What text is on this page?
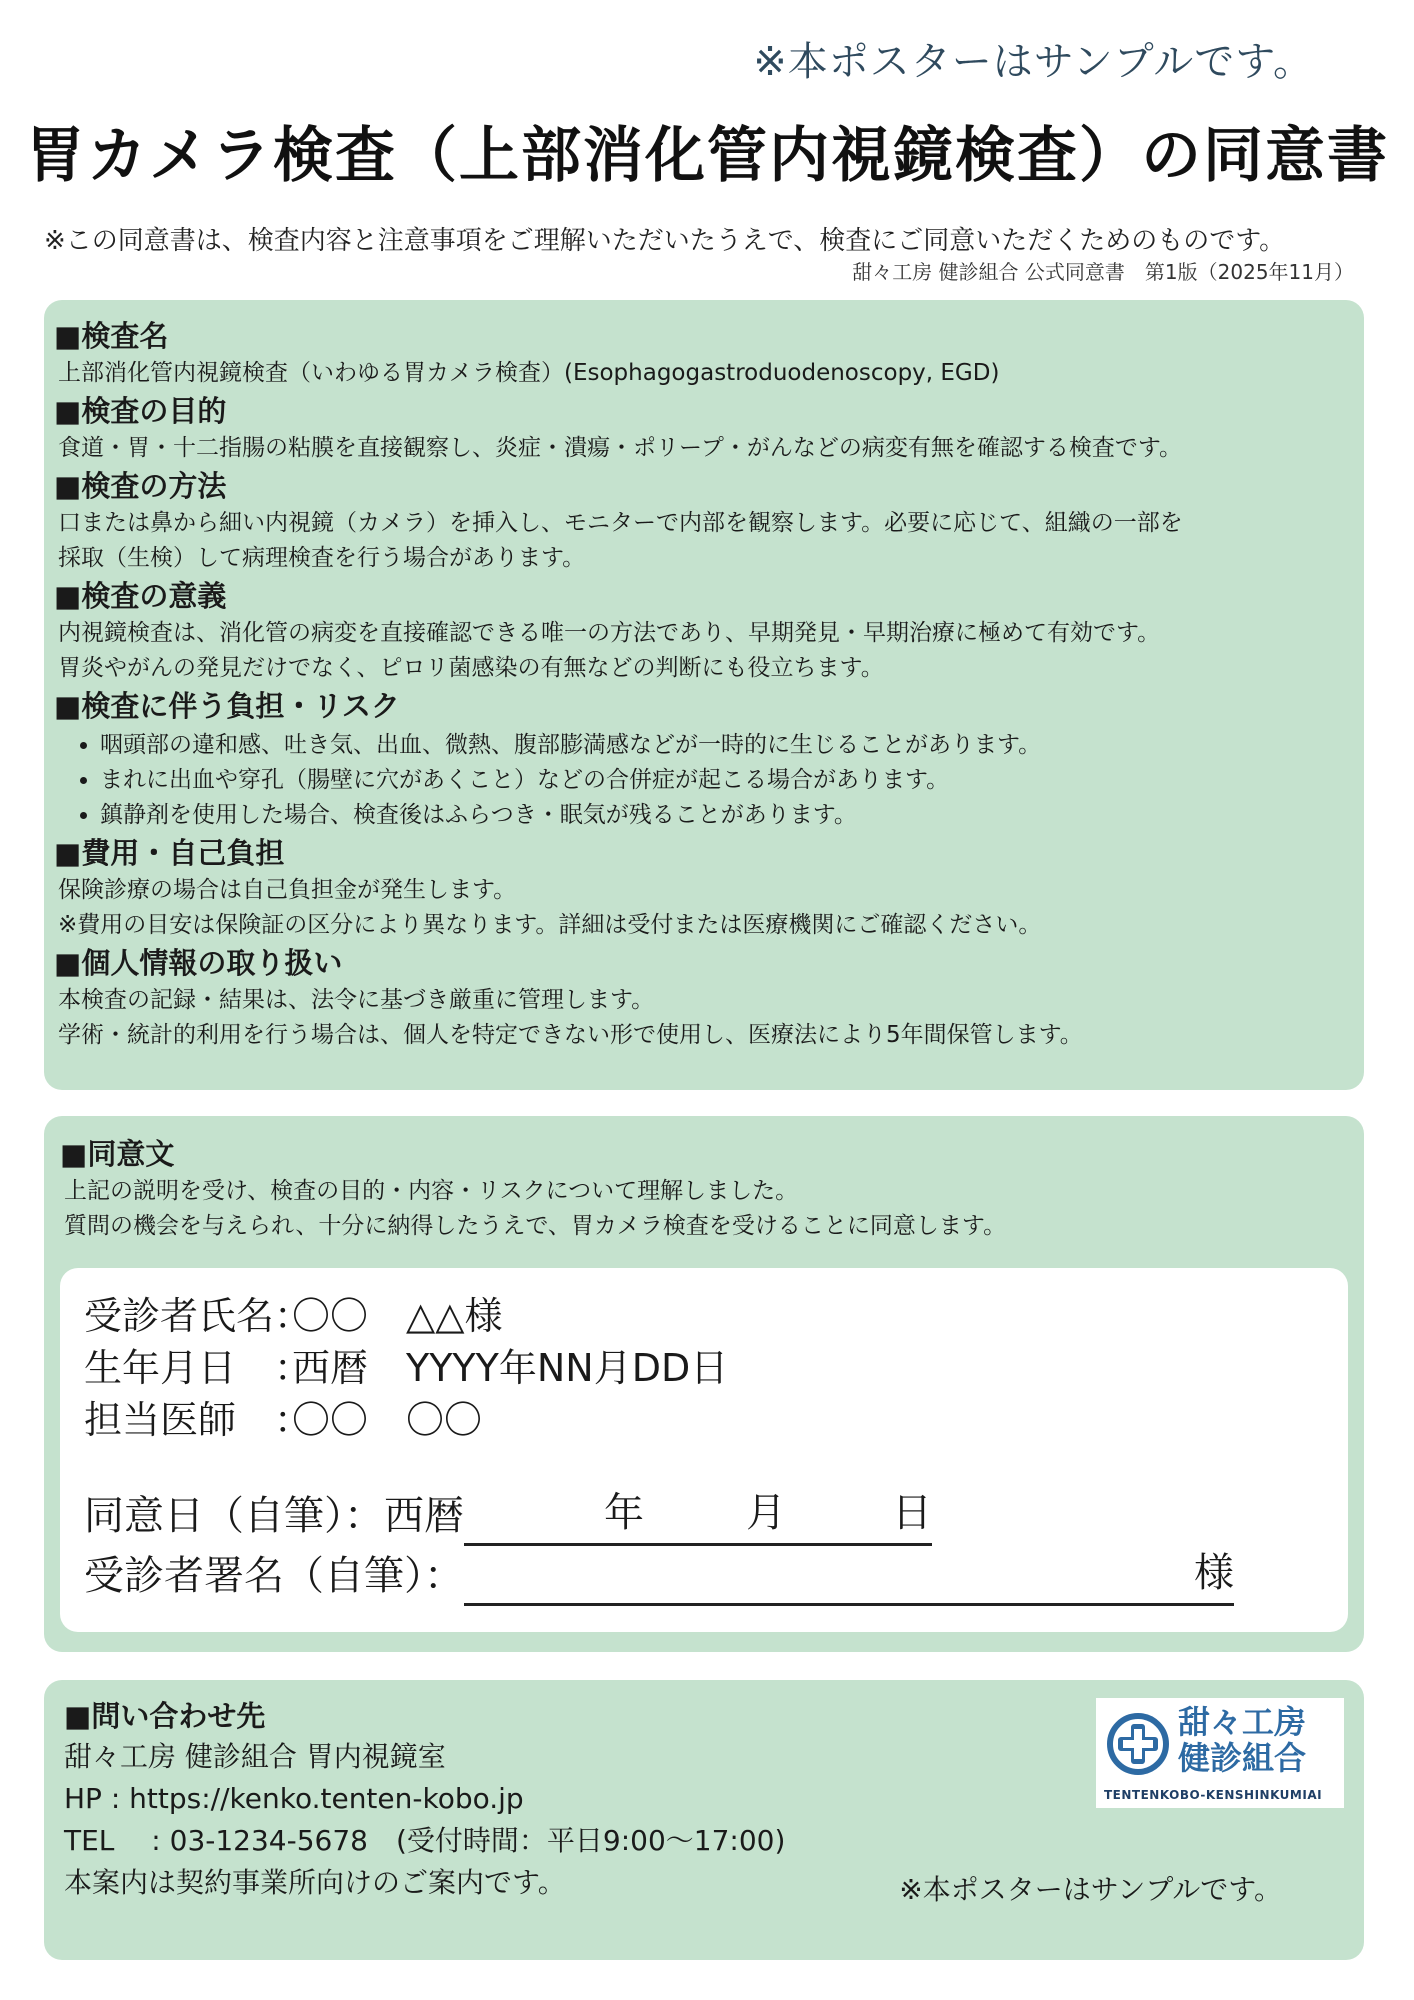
※本ポスターはサンプルです。
胃カメラ検査（上部消化管内視鏡検査）の同意書
※この同意書は、検査内容と注意事項をご理解いただいたうえで、検査にご同意いただくためのものです。
甜々工房 健診組合 公式同意書　第1版（2025年11月）
■検査名

上部消化管内視鏡検査（いわゆる胃カメラ検査）(Esophagogastroduodenoscopy, EGD)

■検査の目的

食道・胃・十二指腸の粘膜を直接観察し、炎症・潰瘍・ポリープ・がんなどの病変有無を確認する検査です。

■検査の方法

口または鼻から細い内視鏡（カメラ）を挿入し、モニターで内部を観察します。必要に応じて、組織の一部を

採取（生検）して病理検査を行う場合があります。

■検査の意義

内視鏡検査は、消化管の病変を直接確認できる唯一の方法であり、早期発見・早期治療に極めて有効です。

胃炎やがんの発見だけでなく、ピロリ菌感染の有無などの判断にも役立ちます。

■検査に伴う負担・リスク
• 咽頭部の違和感、吐き気、出血、微熱、腹部膨満感などが一時的に生じることがあります。
• まれに出血や穿孔（腸壁に穴があくこと）などの合併症が起こる場合があります。
• 鎮静剤を使用した場合、検査後はふらつき・眠気が残ることがあります。
■費用・自己負担

保険診療の場合は自己負担金が発生します。

※費用の目安は保険証の区分により異なります。詳細は受付または医療機関にご確認ください。

■個人情報の取り扱い

本検査の記録・結果は、法令に基づき厳重に管理します。

学術・統計的利用を行う場合は、個人を特定できない形で使用し、医療法により5年間保管します。

■同意文

上記の説明を受け、検査の目的・内容・リスクについて理解しました。

質問の機会を与えられ、十分に納得したうえで、胃カメラ検査を受けることに同意します。

受診者氏名：〇〇　△△様
生年月日　：西暦　YYYY年NN月DD日
担当医師　：〇〇　〇〇
同意日（自筆）：西暦	年	月	日
受診者署名（自筆）：	様
■問い合わせ先
甜々工房 健診組合 胃内視鏡室
HP : https://kenko.tenten-kobo.jp
TEL　 : 03-1234-5678　(受付時間：平日9:00～17:00)
本案内は契約事業所向けのご案内です。	※本ポスターはサンプルです。
甜々工房
健診組合
TENTENKOBO-KENSHINKUMIAI
